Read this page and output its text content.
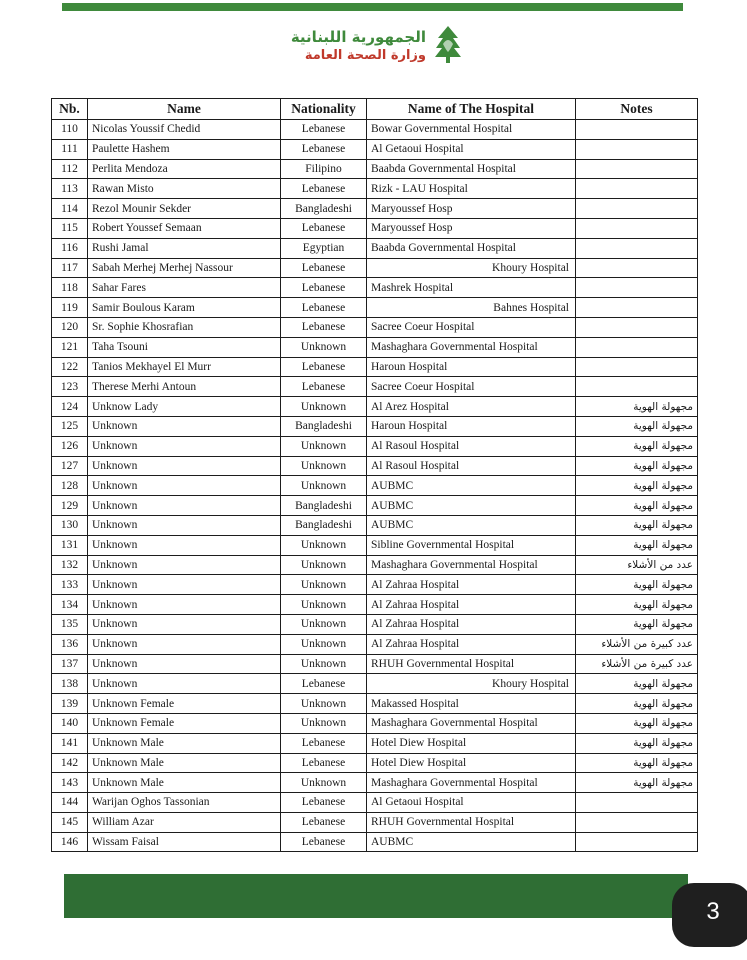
الجمهورية اللبنانية
وزارة الصحة العامة
Nb.	Name	Nationality	Name of The Hospital	Notes
110	Nicolas Youssif Chedid	Lebanese	Bowar Governmental Hospital	
111	Paulette Hashem	Lebanese	Al Getaoui Hospital	
112	Perlita Mendoza	Filipino	Baabda Governmental Hospital	
113	Rawan Misto	Lebanese	Rizk - LAU Hospital	
114	Rezol Mounir Sekder	Bangladeshi	Maryoussef Hosp	
115	Robert Youssef Semaan	Lebanese	Maryoussef Hosp	
116	Rushi Jamal	Egyptian	Baabda Governmental Hospital	
117	Sabah Merhej Merhej Nassour	Lebanese	Khoury Hospital	
118	Sahar Fares	Lebanese	Mashrek Hospital	
119	Samir Boulous Karam	Lebanese	Bahnes Hospital	
120	Sr. Sophie Khosrafian	Lebanese	Sacree Coeur Hospital	
121	Taha Tsouni	Unknown	Mashaghara Governmental Hospital	
122	Tanios Mekhayel El Murr	Lebanese	Haroun Hospital	
123	Therese Merhi Antoun	Lebanese	Sacree Coeur Hospital	
124	Unknow Lady	Unknown	Al Arez Hospital	مجهولة الهوية
125	Unknown	Bangladeshi	Haroun Hospital	مجهولة الهوية
126	Unknown	Unknown	Al Rasoul Hospital	مجهولة الهوية
127	Unknown	Unknown	Al Rasoul Hospital	مجهولة الهوية
128	Unknown	Unknown	AUBMC	مجهولة الهوية
129	Unknown	Bangladeshi	AUBMC	مجهولة الهوية
130	Unknown	Bangladeshi	AUBMC	مجهولة الهوية
131	Unknown	Unknown	Sibline Governmental Hospital	مجهولة الهوية
132	Unknown	Unknown	Mashaghara Governmental Hospital	عدد من الأشلاء
133	Unknown	Unknown	Al Zahraa Hospital	مجهولة الهوية
134	Unknown	Unknown	Al Zahraa Hospital	مجهولة الهوية
135	Unknown	Unknown	Al Zahraa Hospital	مجهولة الهوية
136	Unknown	Unknown	Al Zahraa Hospital	عدد كبيرة من الأشلاء
137	Unknown	Unknown	RHUH Governmental Hospital	عدد كبيرة من الأشلاء
138	Unknown	Lebanese	Khoury Hospital	مجهولة الهوية
139	Unknown Female	Unknown	Makassed Hospital	مجهولة الهوية
140	Unknown Female	Unknown	Mashaghara Governmental Hospital	مجهولة الهوية
141	Unknown Male	Lebanese	Hotel Diew Hospital	مجهولة الهوية
142	Unknown Male	Lebanese	Hotel Diew Hospital	مجهولة الهوية
143	Unknown Male	Unknown	Mashaghara Governmental Hospital	مجهولة الهوية
144	Warijan Oghos Tassonian	Lebanese	Al Getaoui Hospital	
145	William Azar	Lebanese	RHUH Governmental Hospital	
146	Wissam Faisal	Lebanese	AUBMC	
3
